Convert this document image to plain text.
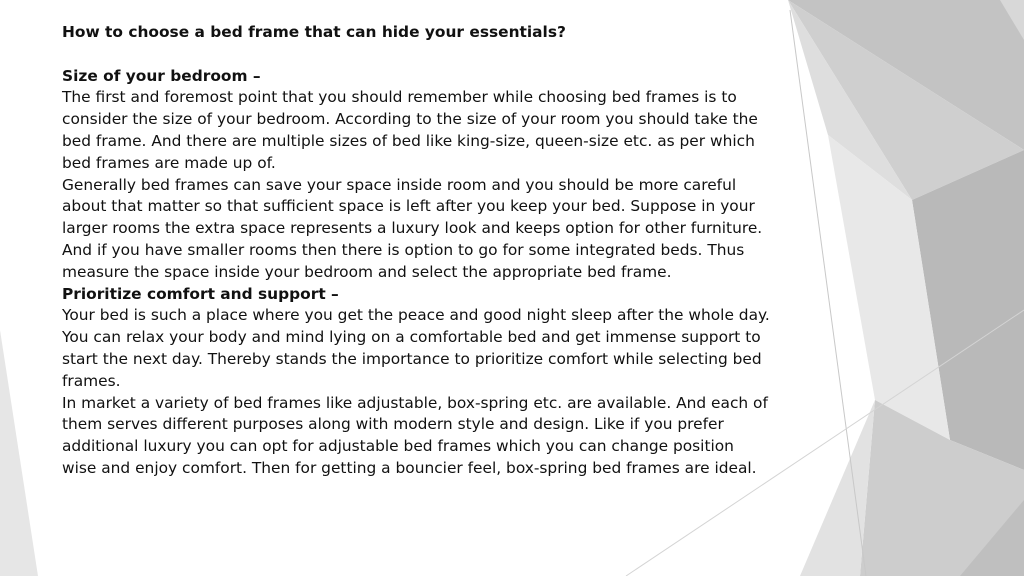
How to choose a bed frame that can hide your essentials?

Size of your bedroom –

The first and foremost point that you should remember while choosing bed frames is to consider the size of your bedroom. According to the size of your room you should take the bed frame. And there are multiple sizes of bed like king-size, queen-size etc. as per which bed frames are made up of.

Generally bed frames can save your space inside room and you should be more careful about that matter so that sufficient space is left after you keep your bed. Suppose in your larger rooms the extra space represents a luxury look and keeps option for other furniture. And if you have smaller rooms then there is option to go for some integrated beds. Thus measure the space inside your bedroom and select the appropriate bed frame.

Prioritize comfort and support –

Your bed is such a place where you get the peace and good night sleep after the whole day. You can relax your body and mind lying on a comfortable bed and get immense support to start the next day. Thereby stands the importance to prioritize comfort while selecting bed frames.

In market a variety of bed frames like adjustable, box-spring etc. are available. And each of them serves different purposes along with modern style and design. Like if you prefer additional luxury you can opt for adjustable bed frames which you can change position wise and enjoy comfort. Then for getting a bouncier feel, box-spring bed frames are ideal.
